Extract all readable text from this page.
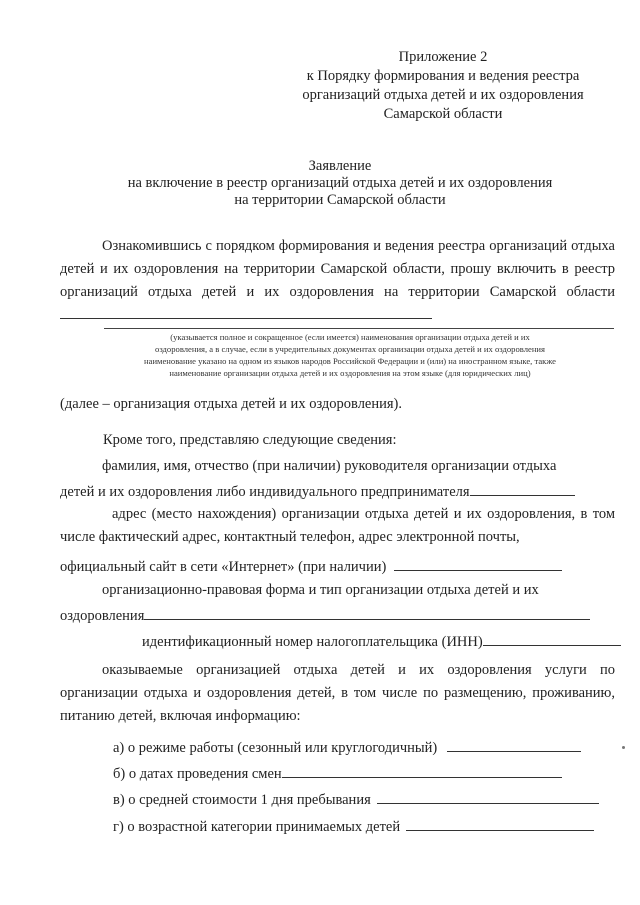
Приложение 2
к Порядку формирования и ведения реестра
организаций отдыха детей и их оздоровления
Самарской области
Заявление
на включение в реестр организаций отдыха детей и их оздоровления
на территории Самарской области
Ознакомившись с порядком формирования и ведения реестра организаций отдыха детей и их оздоровления на территории Самарской области, прошу включить в реестр организаций отдыха детей и их оздоровления на территории Самарской области
(указывается полное и сокращенное (если имеется) наименования организации отдыха детей и их
оздоровления, а в случае, если в учредительных документах организации отдыха детей и их оздоровления
наименование указано на одном из языков народов Российской Федерации и (или) на иностранном языке, также
наименование организации отдыха детей и их оздоровления на этом языке (для юридических лиц)
(далее – организация отдыха детей и их оздоровления).
Кроме того, представляю следующие сведения:
фамилия, имя, отчество (при наличии) руководителя организации отдыха
детей и их оздоровления либо индивидуального предпринимателя
адрес (место нахождения) организации отдыха детей и их оздоровления, в том числе фактический адрес, контактный телефон, адрес электронной почты,
официальный сайт в сети «Интернет» (при наличии)
организационно-правовая форма и тип организации отдыха детей и их
оздоровления
идентификационный номер налогоплательщика (ИНН)
оказываемые организацией отдыха детей и их оздоровления услуги по организации отдыха и оздоровления детей, в том числе по размещению, проживанию, питанию детей, включая информацию:
а) о режиме работы (сезонный или круглогодичный)
б) о датах проведения смен
в) о средней стоимости 1 дня пребывания
г) о возрастной категории принимаемых детей
